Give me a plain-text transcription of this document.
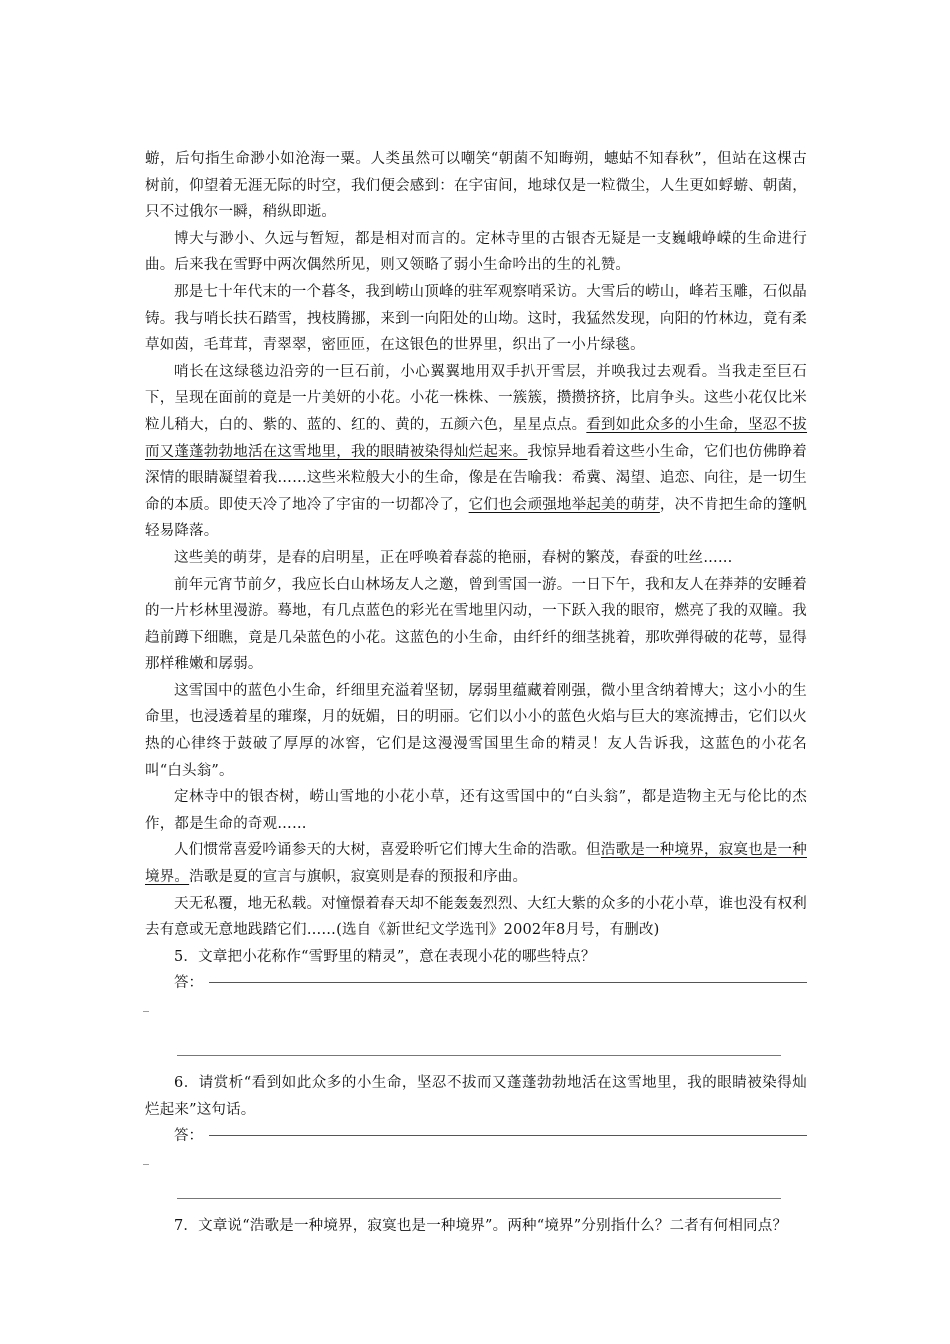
蝣，后句指生命渺小如沧海一粟。人类虽然可以嘲笑“朝菌不知晦朔，蟪蛄不知春秋”，但站在这棵古树前，仰望着无涯无际的时空，我们便会感到：在宇宙间，地球仅是一粒微尘，人生更如蜉蝣、朝菌，只不过俄尔一瞬，稍纵即逝。

博大与渺小、久远与暂短，都是相对而言的。定林寺里的古银杏无疑是一支巍峨峥嵘的生命进行曲。后来我在雪野中两次偶然所见，则又领略了弱小生命吟出的生的礼赞。

那是七十年代末的一个暮冬，我到崂山顶峰的驻军观察哨采访。大雪后的崂山，峰若玉雕，石似晶铸。我与哨长扶石踏雪，拽枝腾挪，来到一向阳处的山坳。这时，我猛然发现，向阳的竹林边，竟有柔草如茵，毛茸茸，青翠翠，密匝匝，在这银色的世界里，织出了一小片绿毯。

哨长在这绿毯边沿旁的一巨石前，小心翼翼地用双手扒开雪层，并唤我过去观看。当我走至巨石下，呈现在面前的竟是一片美妍的小花。小花一株株、一簇簇，攒攒挤挤，比肩争头。这些小花仅比米粒儿稍大，白的、紫的、蓝的、红的、黄的，五颜六色，星星点点。看到如此众多的小生命，坚忍不拔而又蓬蓬勃勃地活在这雪地里，我的眼睛被染得灿烂起来。我惊异地看着这些小生命，它们也仿佛睁着深情的眼睛凝望着我……这些米粒般大小的生命，像是在告喻我：希冀、渴望、追恋、向往，是一切生命的本质。即使天冷了地冷了宇宙的一切都冷了，它们也会顽强地举起美的萌芽，决不肯把生命的篷帆轻易降落。

这些美的萌芽，是春的启明星，正在呼唤着春蕊的艳丽，春树的繁茂，春蚕的吐丝……

前年元宵节前夕，我应长白山林场友人之邀，曾到雪国一游。一日下午，我和友人在莽莽的安睡着的一片杉林里漫游。蓦地，有几点蓝色的彩光在雪地里闪动，一下跃入我的眼帘，燃亮了我的双瞳。我趋前蹲下细瞧，竟是几朵蓝色的小花。这蓝色的小生命，由纤纤的细茎挑着，那吹弹得破的花萼，显得那样稚嫩和孱弱。

这雪国中的蓝色小生命，纤细里充溢着坚韧，孱弱里蕴藏着刚强，微小里含纳着博大；这小小的生命里，也浸透着星的璀璨，月的妩媚，日的明丽。它们以小小的蓝色火焰与巨大的寒流搏击，它们以火热的心律终于鼓破了厚厚的冰窖，它们是这漫漫雪国里生命的精灵！友人告诉我，这蓝色的小花名叫“白头翁”。

定林寺中的银杏树，崂山雪地的小花小草，还有这雪国中的“白头翁”，都是造物主无与伦比的杰作，都是生命的奇观……

人们惯常喜爱吟诵参天的大树，喜爱聆听它们博大生命的浩歌。但浩歌是一种境界，寂寞也是一种境界。浩歌是夏的宣言与旗帜，寂寞则是春的预报和序曲。

天无私覆，地无私载。对憧憬着春天却不能轰轰烈烈、大红大紫的众多的小花小草，谁也没有权利去有意或无意地践踏它们……(选自《新世纪文学选刊》2002年8月号，有删改)

5．文章把小花称作“雪野里的精灵”，意在表现小花的哪些特点？

答：

_

6．请赏析“看到如此众多的小生命，坚忍不拔而又蓬蓬勃勃地活在这雪地里，我的眼睛被染得灿烂起来”这句话。

答：

_

7．文章说“浩歌是一种境界，寂寞也是一种境界”。两种“境界”分别指什么？二者有何相同点？
